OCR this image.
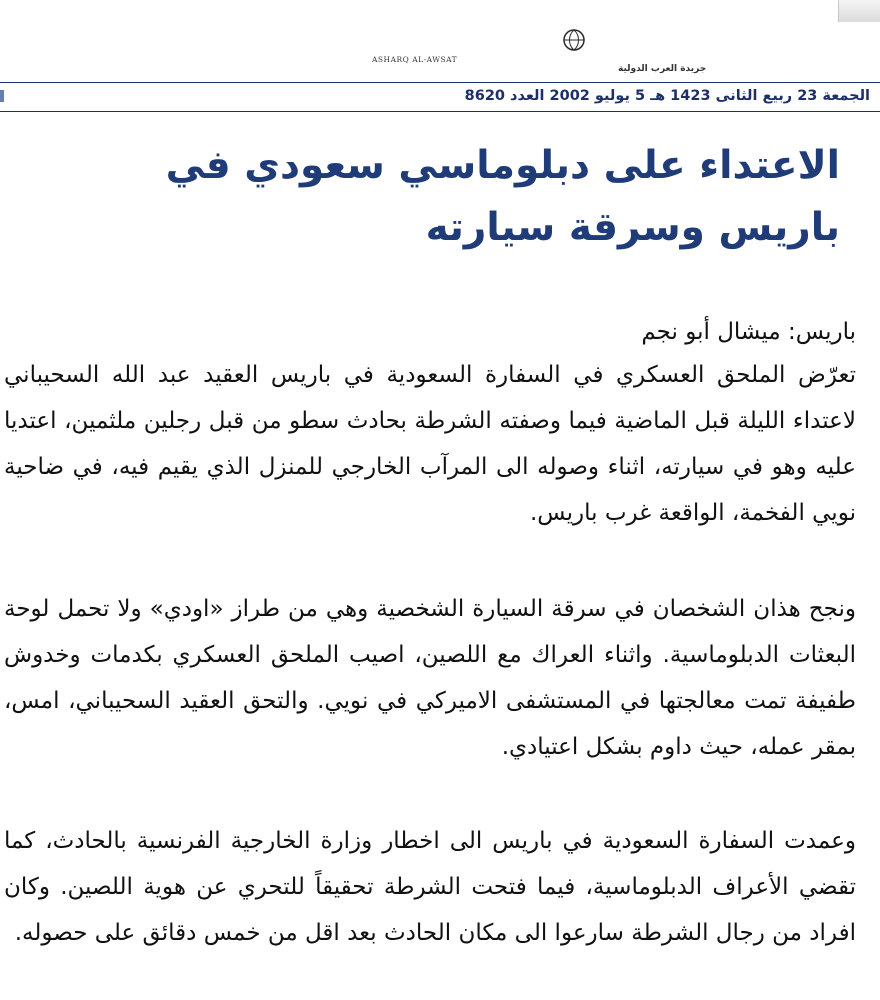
ASHARQ AL-AWSAT
جريدة العرب الدولية
الجمعة 23 ربيع الثانى 1423 هـ 5 يوليو 2002 العدد 8620
الاعتداء على دبلوماسي سعودي في باريس وسرقة سيارته
باريس: ميشال أبو نجم

تعرّض الملحق العسكري في السفارة السعودية في باريس العقيد عبد الله السحيباني لاعتداء الليلة قبل الماضية فيما وصفته الشرطة بحادث سطو من قبل رجلين ملثمين، اعتديا عليه وهو في سيارته، اثناء وصوله الى المرآب الخارجي للمنزل الذي يقيم فيه، في ضاحية نويي الفخمة، الواقعة غرب باريس.

ونجح هذان الشخصان في سرقة السيارة الشخصية وهي من طراز «اودي» ولا تحمل لوحة البعثات الدبلوماسية. واثناء العراك مع اللصين، اصيب الملحق العسكري بكدمات وخدوش طفيفة تمت معالجتها في المستشفى الاميركي في نويي. والتحق العقيد السحيباني، امس، بمقر عمله، حيث داوم بشكل اعتيادي.

وعمدت السفارة السعودية في باريس الى اخطار وزارة الخارجية الفرنسية بالحادث، كما تقضي الأعراف الدبلوماسية، فيما فتحت الشرطة تحقيقاً للتحري عن هوية اللصين. وكان افراد من رجال الشرطة سارعوا الى مكان الحادث بعد اقل من خمس دقائق على حصوله.
